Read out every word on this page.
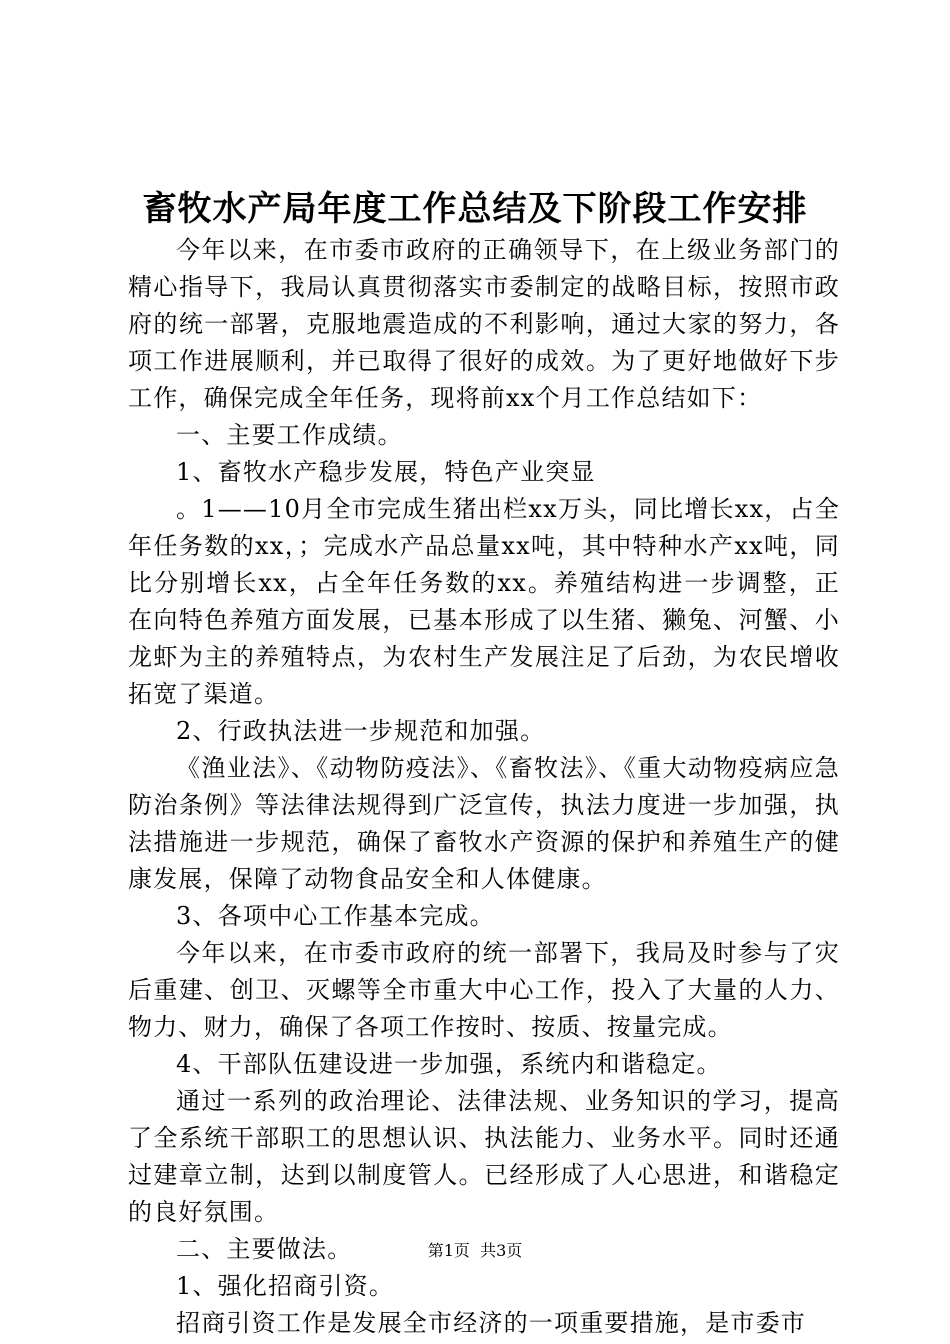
畜牧水产局年度工作总结及下阶段工作安排

今年以来，在市委市政府的正确领导下，在上级业务部门的精心指导下，我局认真贯彻落实市委制定的战略目标，按照市政府的统一部署，克服地震造成的不利影响，通过大家的努力，各项工作进展顺利，并已取得了很好的成效。为了更好地做好下步工作，确保完成全年任务，现将前xx个月工作总结如下：

一、主要工作成绩。

1、畜牧水产稳步发展，特色产业突显

。1——10月全市完成生猪出栏xx万头，同比增长xx，占全年任务数的xx，；完成水产品总量xx吨，其中特种水产xx吨，同比分别增长xx，占全年任务数的xx。养殖结构进一步调整，正在向特色养殖方面发展，已基本形成了以生猪、獭兔、河蟹、小龙虾为主的养殖特点，为农村生产发展注足了后劲，为农民增收拓宽了渠道。

2、行政执法进一步规范和加强。

《渔业法》、《动物防疫法》、《畜牧法》、《重大动物疫病应急防治条例》等法律法规得到广泛宣传，执法力度进一步加强，执法措施进一步规范，确保了畜牧水产资源的保护和养殖生产的健康发展，保障了动物食品安全和人体健康。

3、各项中心工作基本完成。

今年以来，在市委市政府的统一部署下，我局及时参与了灾后重建、创卫、灭螺等全市重大中心工作，投入了大量的人力、物力、财力，确保了各项工作按时、按质、按量完成。

4、干部队伍建设进一步加强，系统内和谐稳定。

通过一系列的政治理论、法律法规、业务知识的学习，提高了全系统干部职工的思想认识、执法能力、业务水平。同时还通过建章立制，达到以制度管人。已经形成了人心思进，和谐稳定的良好氛围。

二、主要做法。

1、强化招商引资。

招商引资工作是发展全市经济的一项重要措施，是市委市

第1页 共3页
